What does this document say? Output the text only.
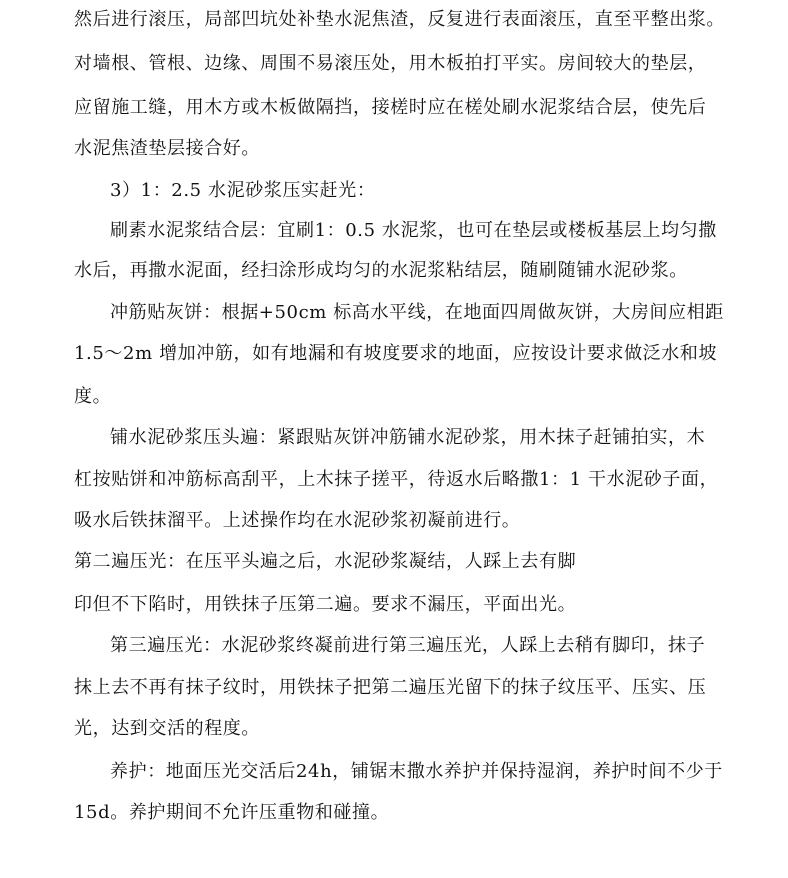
然后进行滚压，局部凹坑处补垫水泥焦渣，反复进行表面滚压，直至平整出浆。
对墙根、管根、边缘、周围不易滚压处，用木板拍打平实。房间较大的垫层，
应留施工缝，用木方或木板做隔挡，接槎时应在槎处刷水泥浆结合层，使先后
水泥焦渣垫层接合好。
3）1：2.5 水泥砂浆压实赶光：
刷素水泥浆结合层：宜刷1：0.5 水泥浆，也可在垫层或楼板基层上均匀撒
水后，再撒水泥面，经扫涂形成均匀的水泥浆粘结层，随刷随铺水泥砂浆。
冲筋贴灰饼：根据+50cm 标高水平线，在地面四周做灰饼，大房间应相距
1.5～2m 增加冲筋，如有地漏和有坡度要求的地面，应按设计要求做泛水和坡
度。
铺水泥砂浆压头遍：紧跟贴灰饼冲筋铺水泥砂浆，用木抹子赶铺拍实，木
杠按贴饼和冲筋标高刮平，上木抹子搓平，待返水后略撒1：1 干水泥砂子面，
吸水后铁抹溜平。上述操作均在水泥砂浆初凝前进行。
第二遍压光：在压平头遍之后，水泥砂浆凝结，人踩上去有脚
印但不下陷时，用铁抹子压第二遍。要求不漏压，平面出光。
第三遍压光：水泥砂浆终凝前进行第三遍压光，人踩上去稍有脚印，抹子
抹上去不再有抹子纹时，用铁抹子把第二遍压光留下的抹子纹压平、压实、压
光，达到交活的程度。
养护：地面压光交活后24h，铺锯末撒水养护并保持湿润，养护时间不少于
15d。养护期间不允许压重物和碰撞。
